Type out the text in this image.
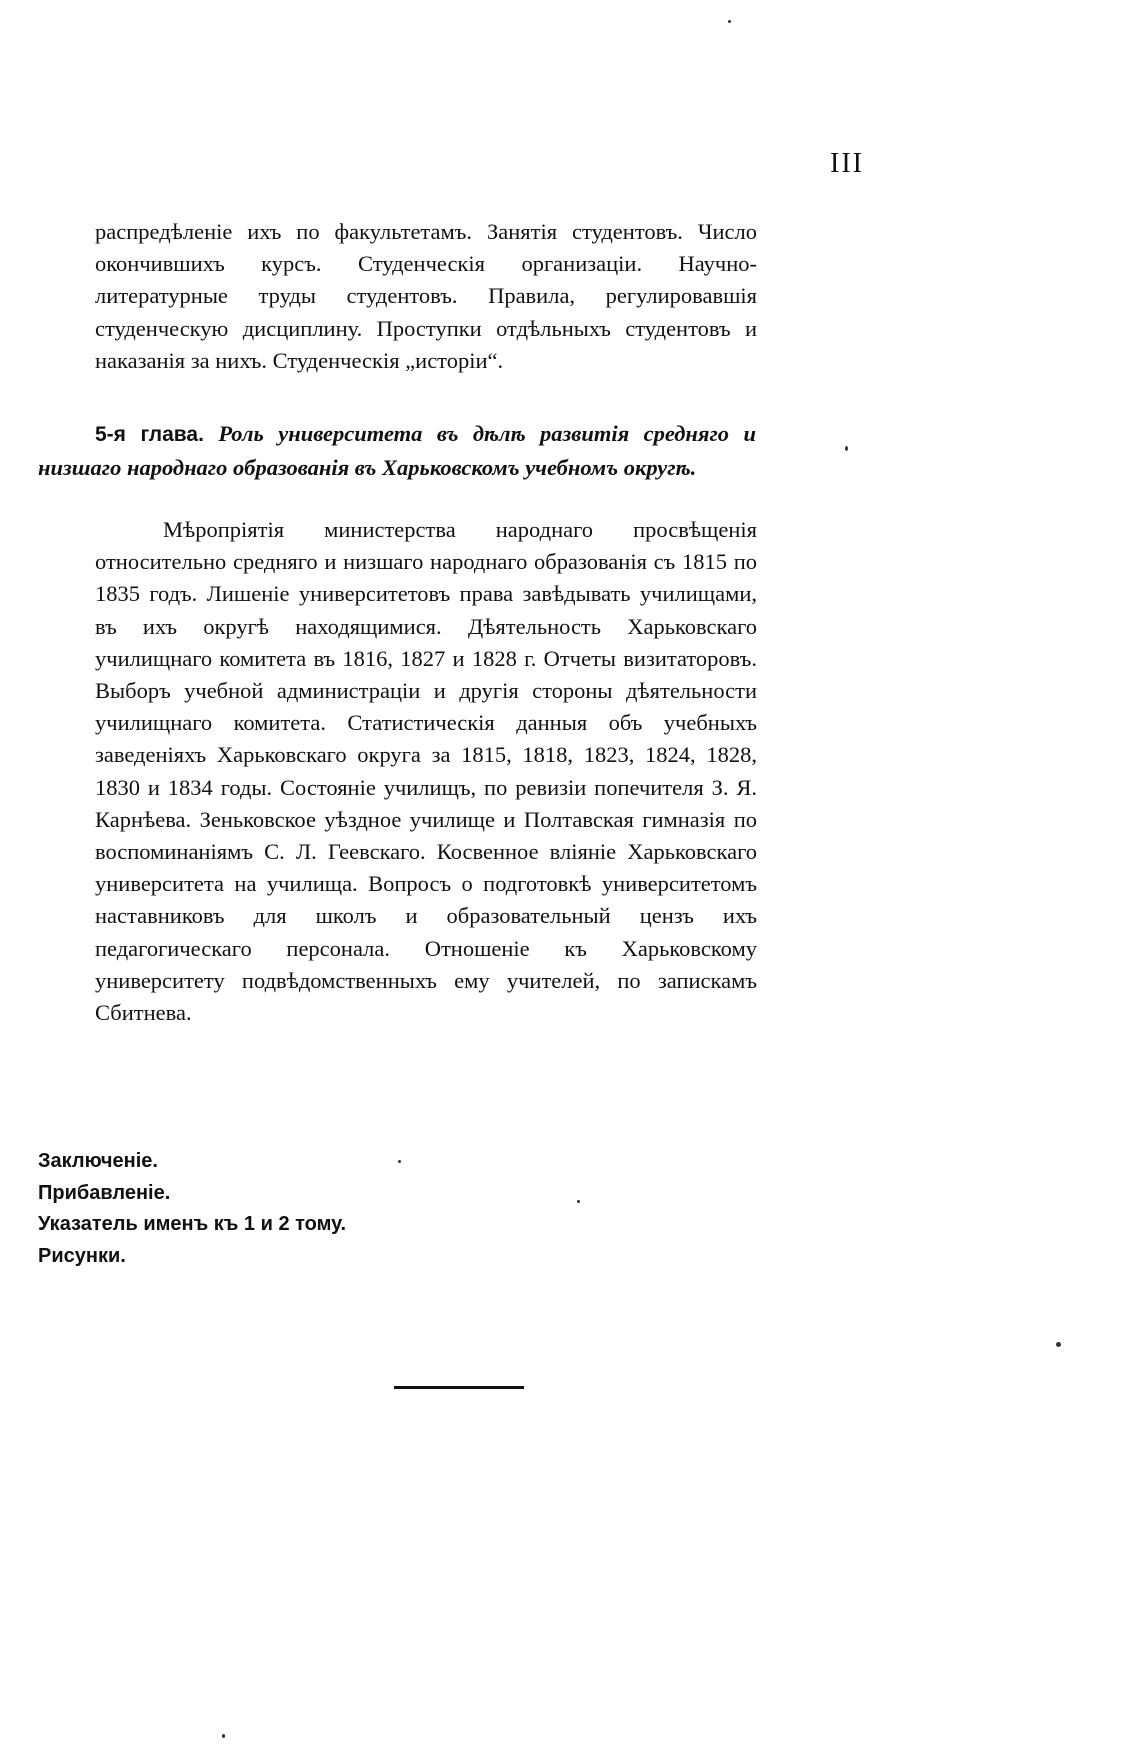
III

распредѣленіе ихъ по факультетамъ. Занятія студентовъ. Число окончившихъ курсъ. Студенческія организаціи. Научно-литературные труды студентовъ. Правила, регулировавшія студенческую дисциплину. Проступки отдѣльныхъ студентовъ и наказанія за нихъ. Студенческія „исторіи“.

5-я глава. Роль университета въ дѣлѣ развитія средняго и низшаго народнаго образованія въ Харьковскомъ учебномъ округѣ.

Мѣропріятія министерства народнаго просвѣщенія относительно средняго и низшаго народнаго образованія съ 1815 по 1835 годъ. Лишеніе университетовъ права завѣдывать училищами, въ ихъ округѣ находящимися. Дѣятельность Харьковскаго училищнаго комитета въ 1816, 1827 и 1828 г. Отчеты визитаторовъ. Выборъ учебной администраціи и другія стороны дѣятельности училищнаго комитета. Статистическія данныя объ учебныхъ заведеніяхъ Харьковскаго округа за 1815, 1818, 1823, 1824, 1828, 1830 и 1834 годы. Состояніе училищъ, по ревизіи попечителя З. Я. Карнѣева. Зеньковское уѣздное училище и Полтавская гимназія по воспоминаніямъ С. Л. Геевскаго. Косвенное вліяніе Харьковскаго университета на училища. Вопросъ о подготовкѣ университетомъ наставниковъ для школъ и образовательный цензъ ихъ педагогическаго персонала. Отношеніе къ Харьковскому университету подвѣдомственныхъ ему учителей, по запискамъ Сбитнева.

Заключеніе.
Прибавленіе.
Указатель именъ къ 1 и 2 тому.
Рисунки.
